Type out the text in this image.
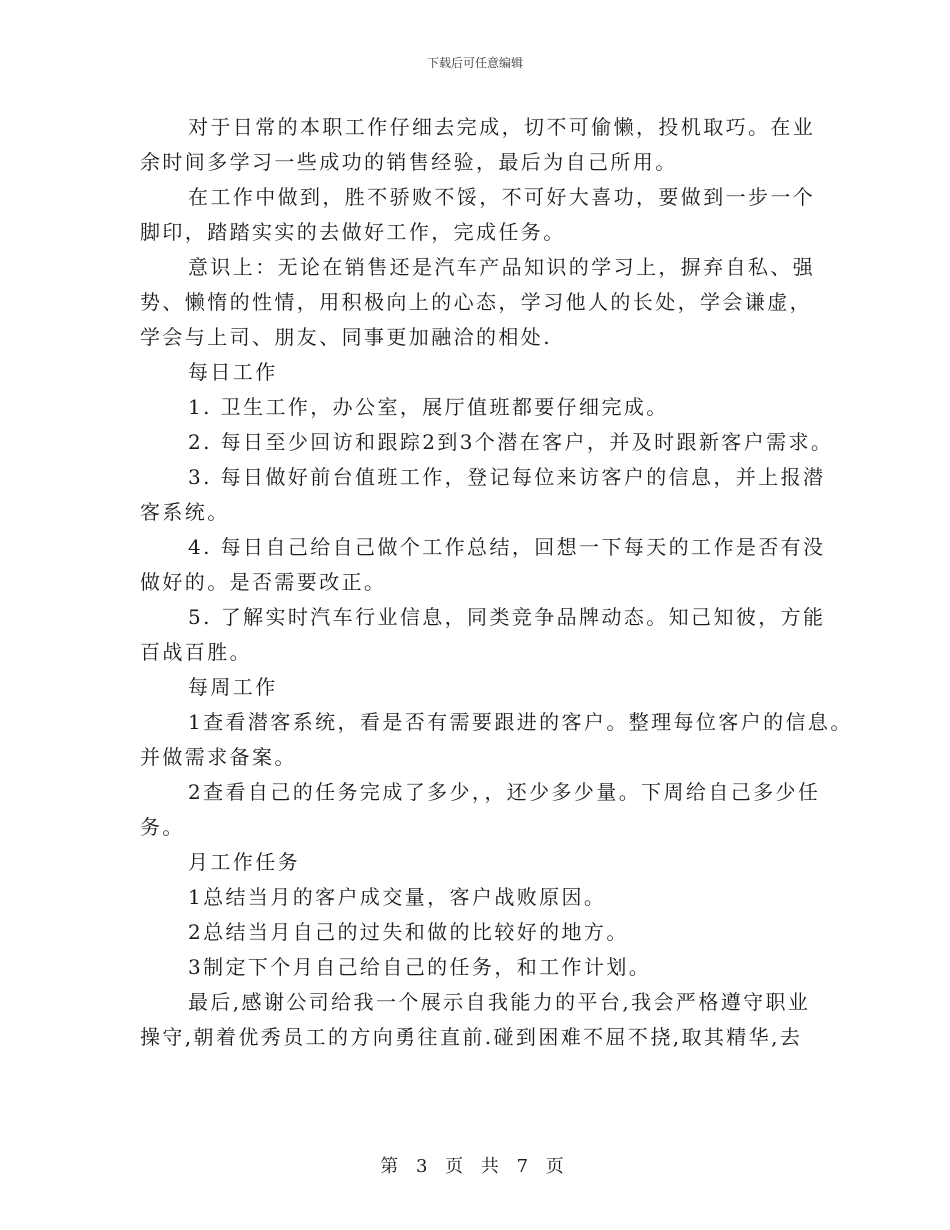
下载后可任意编辑

对于日常的本职工作仔细去完成，切不可偷懒，投机取巧。在业
余时间多学习一些成功的销售经验，最后为自己所用。

在工作中做到，胜不骄败不馁，不可好大喜功，要做到一步一个
脚印，踏踏实实的去做好工作，完成任务。

意识上：无论在销售还是汽车产品知识的学习上，摒弃自私、强
势、懒惰的性情，用积极向上的心态，学习他人的长处，学会谦虚，
学会与上司、朋友、同事更加融洽的相处.

每日工作

1. 卫生工作，办公室，展厅值班都要仔细完成。

2. 每日至少回访和跟踪2到3个潜在客户，并及时跟新客户需求。

3. 每日做好前台值班工作，登记每位来访客户的信息，并上报潜
客系统。

4. 每日自己给自己做个工作总结，回想一下每天的工作是否有没
做好的。是否需要改正。

5. 了解实时汽车行业信息，同类竞争品牌动态。知己知彼，方能
百战百胜。

每周工作

1查看潜客系统，看是否有需要跟进的客户。整理每位客户的信息。
并做需求备案。

2查看自己的任务完成了多少，，还少多少量。下周给自己多少任
务。

月工作任务

1总结当月的客户成交量，客户战败原因。

2总结当月自己的过失和做的比较好的地方。

3制定下个月自己给自己的任务，和工作计划。

最后,感谢公司给我一个展示自我能力的平台,我会严格遵守职业
操守,朝着优秀员工的方向勇往直前.碰到困难不屈不挠,取其精华,去

第 3 页 共 7 页
